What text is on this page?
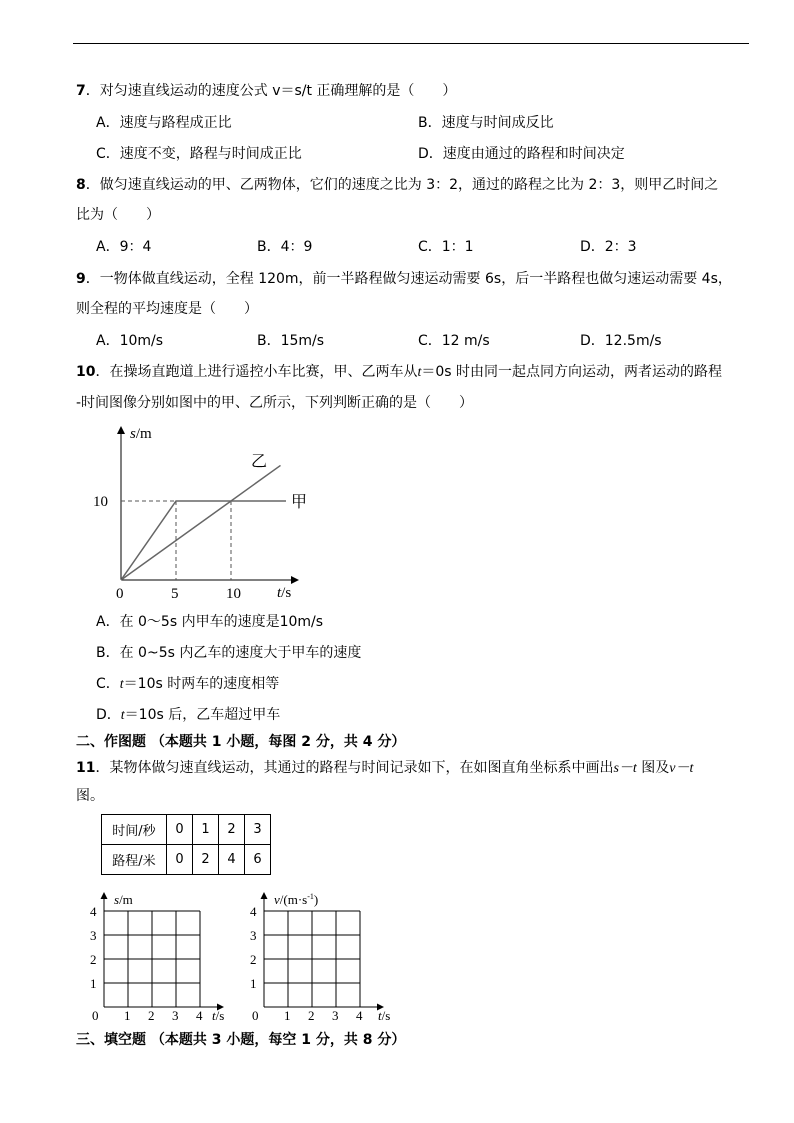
7．对匀速直线运动的速度公式 v＝s/t 正确理解的是（　　）
A．速度与路程成正比	B．速度与时间成反比
C．速度不变，路程与时间成正比	D．速度由通过的路程和时间决定
8．做匀速直线运动的甲、乙两物体，它们的速度之比为 3：2，通过的路程之比为 2：3，则甲乙时间之
比为（　　）
A．9：4	B．4：9	C．1：1	D．2：3
9．一物体做直线运动，全程 120m，前一半路程做匀速运动需要 6s，后一半路程也做匀速运动需要 4s，
则全程的平均速度是（　　）
A．10m/s	B．15m/s	C．12 m/s	D．12.5m/s
10．在操场直跑道上进行遥控小车比赛，甲、乙两车从t＝0s 时由同一起点同方向运动，两者运动的路程
-时间图像分别如图中的甲、乙所示，下列判断正确的是（　　）
甲
乙
0	5	10
10
s/m
t/s
A．在 0～5s 内甲车的速度是10m/s
B．在 0~5s 内乙车的速度大于甲车的速度
C．t＝10s 时两车的速度相等
D．t＝10s 后，乙车超过甲车
二、作图题 （本题共 1 小题，每图 2 分，共 4 分）
11．某物体做匀速直线运动，其通过的路程与时间记录如下，在如图直角坐标系中画出s－t 图及v－t
图。
时间/秒	0	1	2	3
路程/米	0	2	4	6
1
2
3
4
0 1 2 3 4
s/m
t/s
1
2
3
4
0 1 2 3 4
$v/(m\cdot s^{-1})$
t/s
三、填空题 （本题共 3 小题，每空 1 分，共 8 分）
